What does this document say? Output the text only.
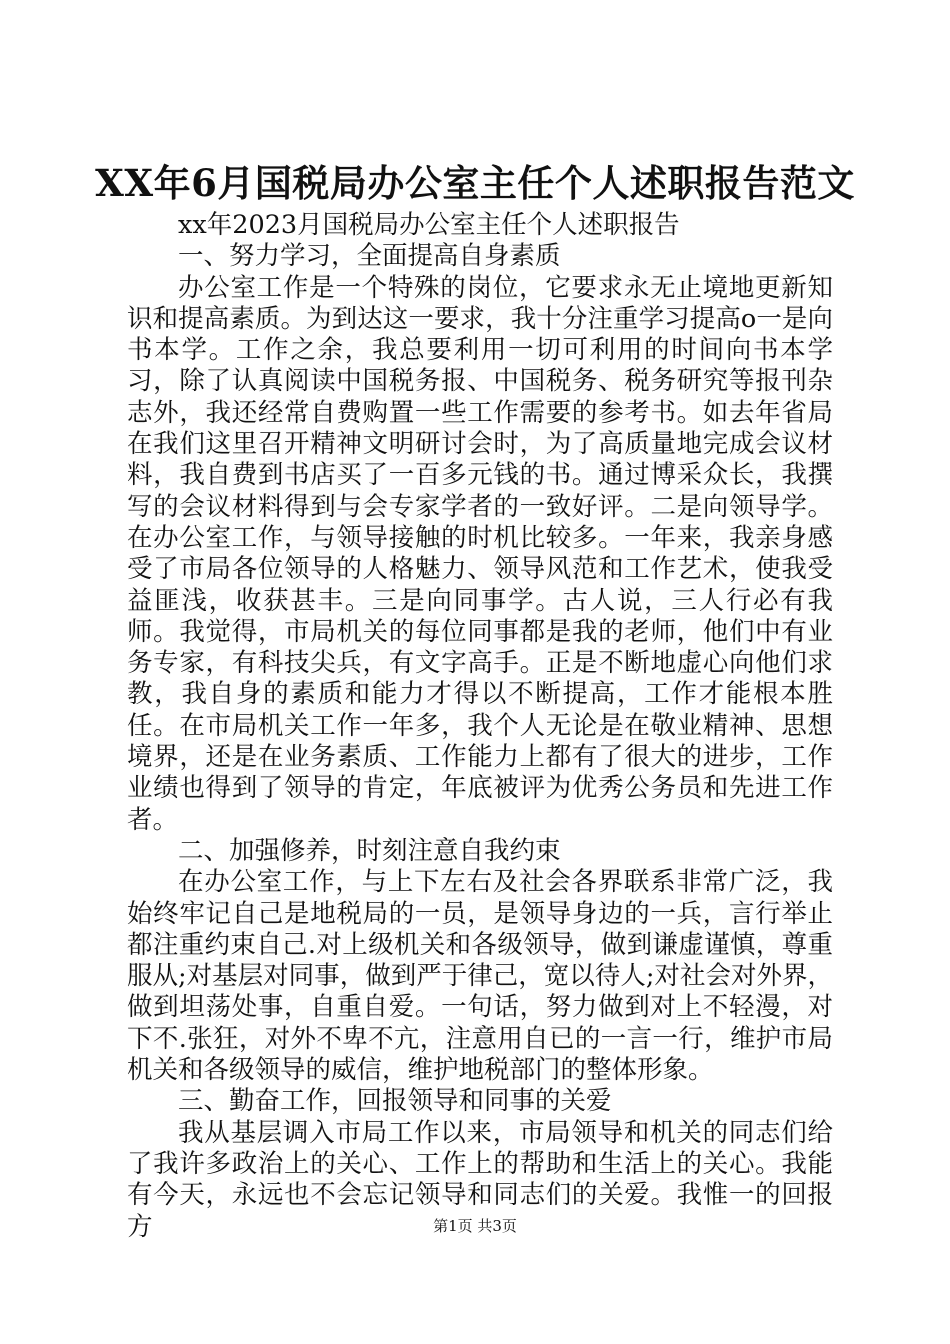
XX年6月国税局办公室主任个人述职报告范文

xx年2023月国税局办公室主任个人述职报告

一、努力学习，全面提高自身素质

办公室工作是一个特殊的岗位，它要求永无止境地更新知识和提高素质。为到达这一要求，我十分注重学习提高o一是向书本学。工作之余，我总要利用一切可利用的时间向书本学习，除了认真阅读中国税务报、中国税务、税务研究等报刊杂志外，我还经常自费购置一些工作需要的参考书。如去年省局在我们这里召开精神文明研讨会时，为了高质量地完成会议材料，我自费到书店买了一百多元钱的书。通过博采众长，我撰写的会议材料得到与会专家学者的一致好评。二是向领导学。在办公室工作，与领导接触的时机比较多。一年来，我亲身感受了市局各位领导的人格魅力、领导风范和工作艺术，使我受益匪浅，收获甚丰。三是向同事学。古人说，三人行必有我师。我觉得，市局机关的每位同事都是我的老师，他们中有业务专家，有科技尖兵，有文字高手。正是不断地虚心向他们求教，我自身的素质和能力才得以不断提高，工作才能根本胜任。在市局机关工作一年多，我个人无论是在敬业精神、思想境界，还是在业务素质、工作能力上都有了很大的进步，工作业绩也得到了领导的肯定，年底被评为优秀公务员和先进工作者。

二、加强修养，时刻注意自我约束

在办公室工作，与上下左右及社会各界联系非常广泛，我始终牢记自己是地税局的一员，是领导身边的一兵，言行举止都注重约束自己.对上级机关和各级领导，做到谦虚谨慎，尊重服从;对基层对同事，做到严于律己，宽以待人;对社会对外界，做到坦荡处事，自重自爱。一句话，努力做到对上不轻漫，对下不.张狂，对外不卑不亢，注意用自已的一言一行，维护市局机关和各级领导的威信，维护地税部门的整体形象。

三、勤奋工作，回报领导和同事的关爱

我从基层调入市局工作以来，市局领导和机关的同志们给了我许多政治上的关心、工作上的帮助和生活上的关心。我能有今天，永远也不会忘记领导和同志们的关爱。我惟一的回报方	第1页 共3页
